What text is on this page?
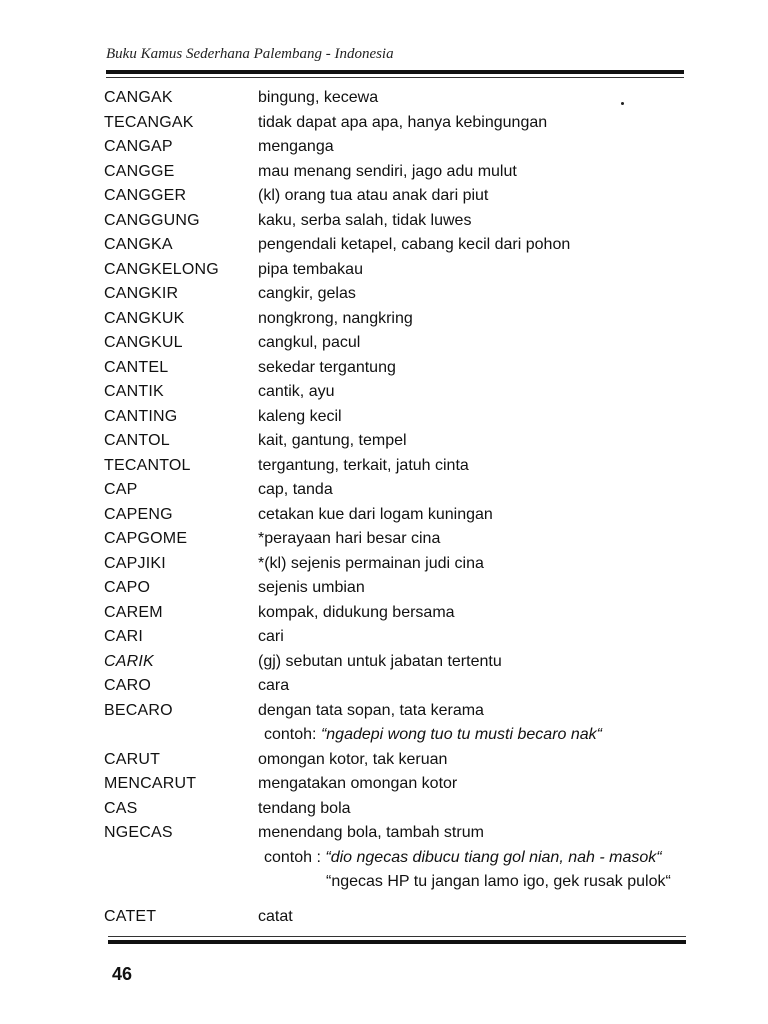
Buku Kamus Sederhana Palembang - Indonesia
CANGAK	bingung, kecewa
TECANGAK	tidak dapat apa apa, hanya kebingungan
CANGAP	menganga
CANGGE	mau menang sendiri, jago adu mulut
CANGGER	(kl) orang tua atau anak dari piut
CANGGUNG	kaku, serba salah, tidak luwes
CANGKA	pengendali ketapel, cabang kecil dari pohon
CANGKELONG pipa tembakau
CANGKIR	cangkir, gelas
CANGKUK	nongkrong, nangkring
CANGKUL	cangkul, pacul
CANTEL	sekedar tergantung
CANTIK	cantik, ayu
CANTING	kaleng kecil
CANTOL	kait, gantung, tempel
TECANTOL	tergantung, terkait, jatuh cinta
CAP	cap, tanda
CAPENG	cetakan kue dari logam kuningan
CAPGOME	*perayaan hari besar cina
CAPJIKI	*(kl) sejenis permainan judi cina
CAPO	sejenis umbian
CAREM	kompak, didukung bersama
CARI	cari
CARIK	(gj) sebutan untuk jabatan tertentu
CARO	cara
BECARO	dengan tata sopan, tata kerama
contoh: “ngadepi wong tuo tu musti becaro nak“
CARUT	omongan kotor, tak keruan
MENCARUT	mengatakan omongan kotor
CAS	tendang bola
NGECAS	menendang bola, tambah strum
contoh : “dio ngecas dibucu tiang gol nian, nah - masok“
“ngecas HP tu jangan lamo igo, gek rusak pulok“
CATET	catat
46
